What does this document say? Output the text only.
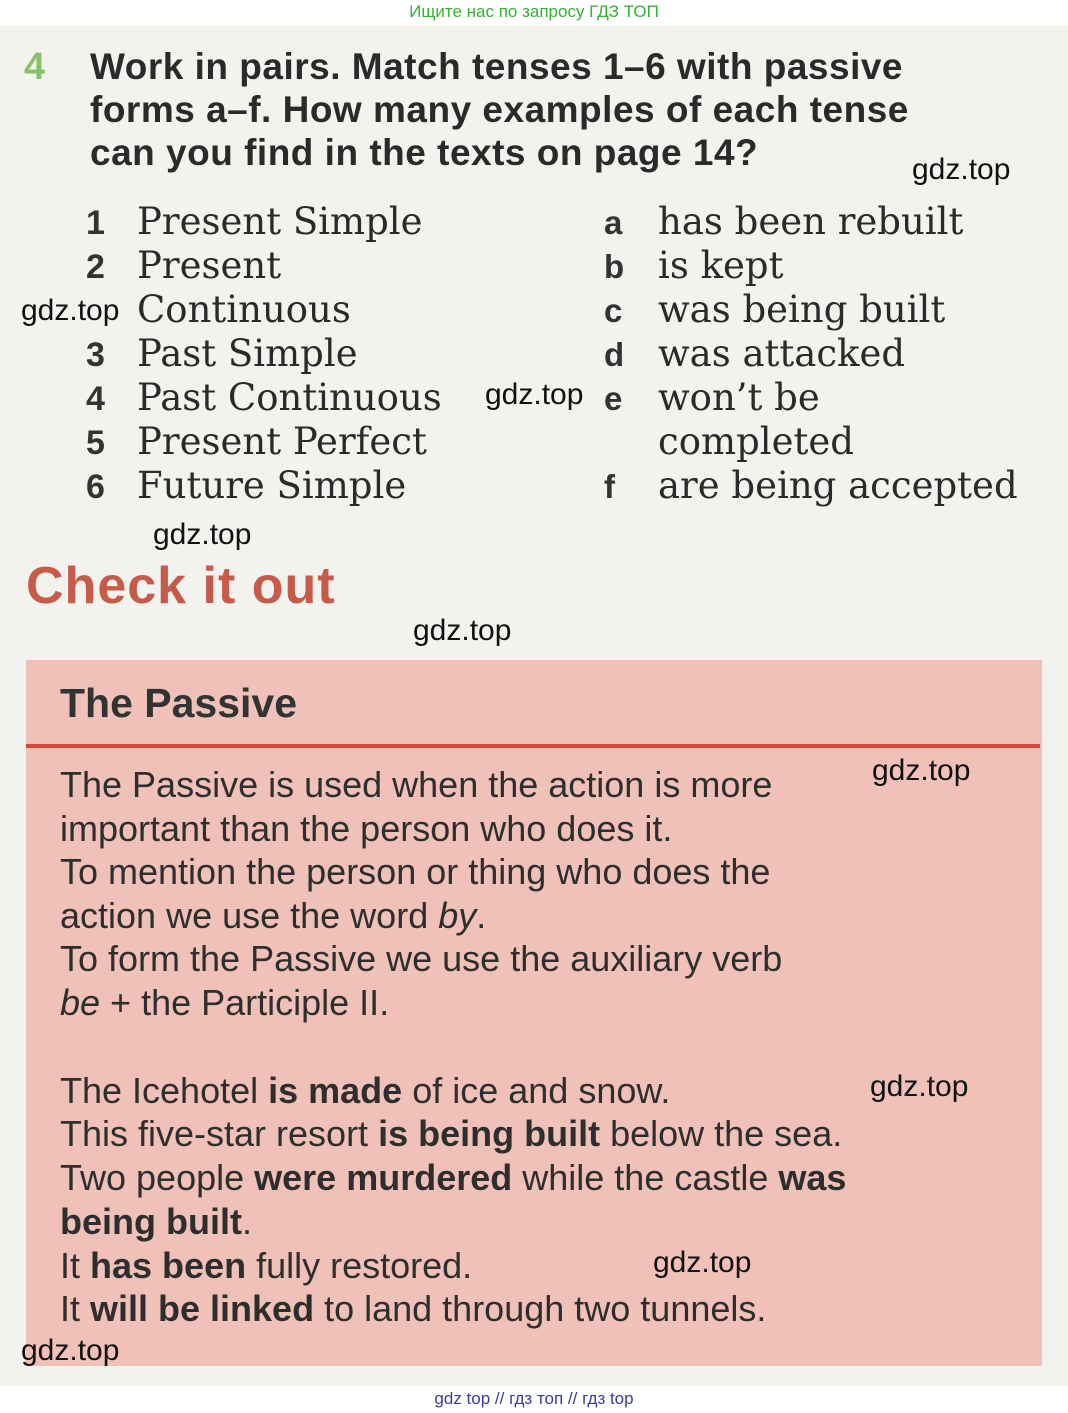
Ищите нас по запросу ГДЗ ТОП
4 Work in pairs. Match tenses 1–6 with passive
forms a–f. How many examples of each tense
can you find in the texts on page 14?
1 Present Simple
2 Present
Continuous
3 Past Simple
4 Past Continuous
5 Present Perfect
6 Future Simple
a has been rebuilt
b is kept
c was being built
d was attacked
e won’t be
completed
f are being accepted
Check it out
The Passive
The Passive is used when the action is more
important than the person who does it.
To mention the person or thing who does the
action we use the word by.
To form the Passive we use the auxiliary verb
be + the Participle II.
The Icehotel is made of ice and snow.
This five-star resort is being built below the sea.
Two people were murdered while the castle was
being built.
It has been fully restored.
It will be linked to land through two tunnels.
gdz.top
gdz.top
gdz.top
gdz.top
gdz.top
gdz.top
gdz.top
gdz.top
gdz.top
gdz top // гдз топ // гдз top
